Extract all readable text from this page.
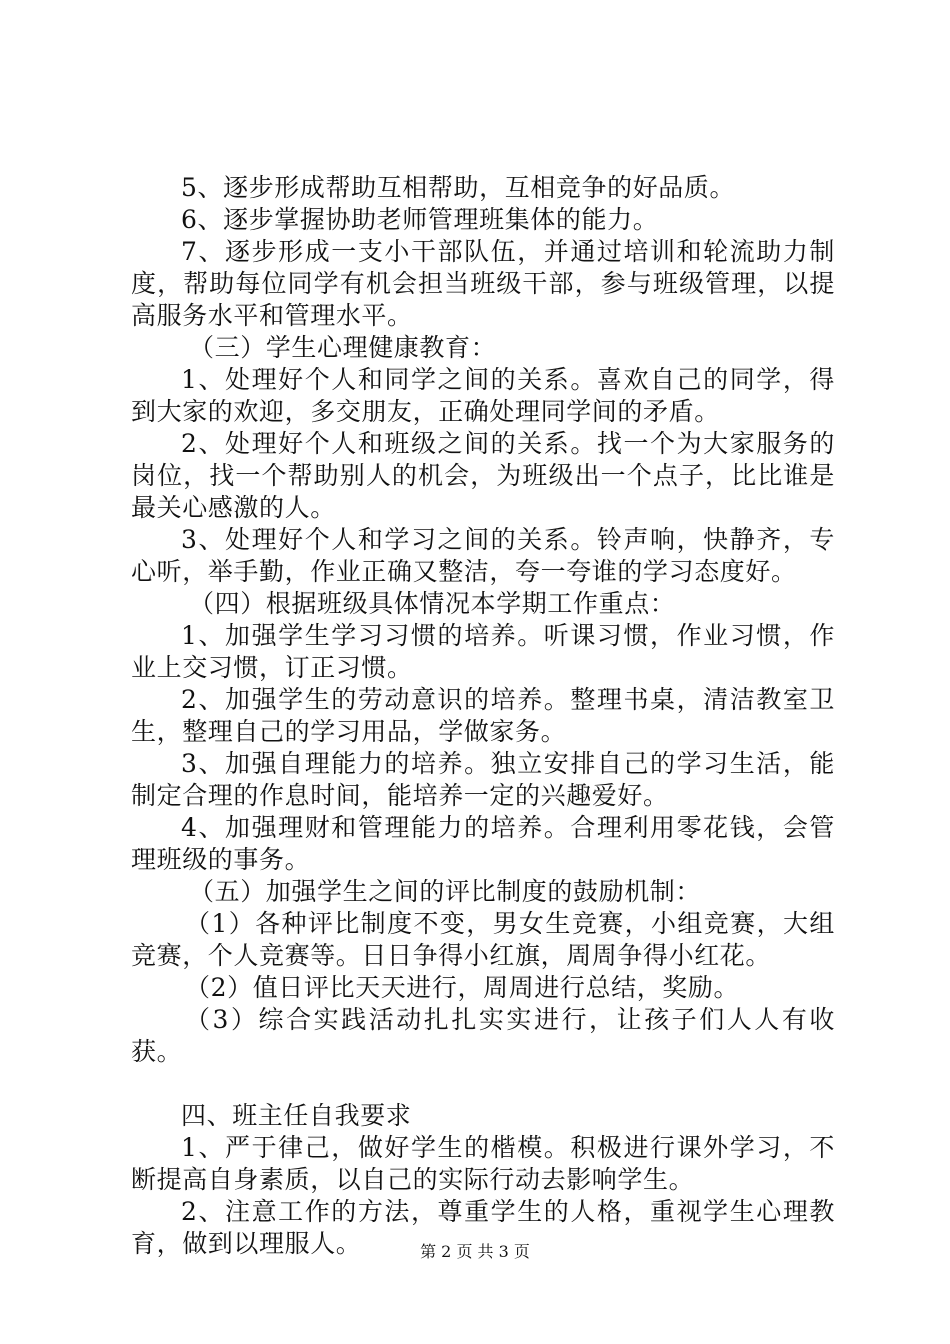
5、逐步形成帮助互相帮助，互相竞争的好品质。

6、逐步掌握协助老师管理班集体的能力。

7、逐步形成一支小干部队伍，并通过培训和轮流助力制度，帮助每位同学有机会担当班级干部，参与班级管理，以提高服务水平和管理水平。

（三）学生心理健康教育：

1、处理好个人和同学之间的关系。喜欢自己的同学，得到大家的欢迎，多交朋友，正确处理同学间的矛盾。

2、处理好个人和班级之间的关系。找一个为大家服务的岗位，找一个帮助别人的机会，为班级出一个点子，比比谁是最关心感激的人。

3、处理好个人和学习之间的关系。铃声响，快静齐，专心听，举手勤，作业正确又整洁，夸一夸谁的学习态度好。

（四）根据班级具体情况本学期工作重点：

1、加强学生学习习惯的培养。听课习惯，作业习惯，作业上交习惯，订正习惯。

2、加强学生的劳动意识的培养。整理书桌，清洁教室卫生，整理自己的学习用品，学做家务。

3、加强自理能力的培养。独立安排自己的学习生活，能制定合理的作息时间，能培养一定的兴趣爱好。

4、加强理财和管理能力的培养。合理利用零花钱，会管理班级的事务。

（五）加强学生之间的评比制度的鼓励机制：

（1）各种评比制度不变，男女生竞赛，小组竞赛，大组竞赛，个人竞赛等。日日争得小红旗，周周争得小红花。

（2）值日评比天天进行，周周进行总结，奖励。

（3）综合实践活动扎扎实实进行，让孩子们人人有收获。

四、班主任自我要求

1、严于律己，做好学生的楷模。积极进行课外学习，不断提高自身素质，以自己的实际行动去影响学生。

2、注意工作的方法，尊重学生的人格，重视学生心理教育，做到以理服人。	第 2 页 共 3 页
